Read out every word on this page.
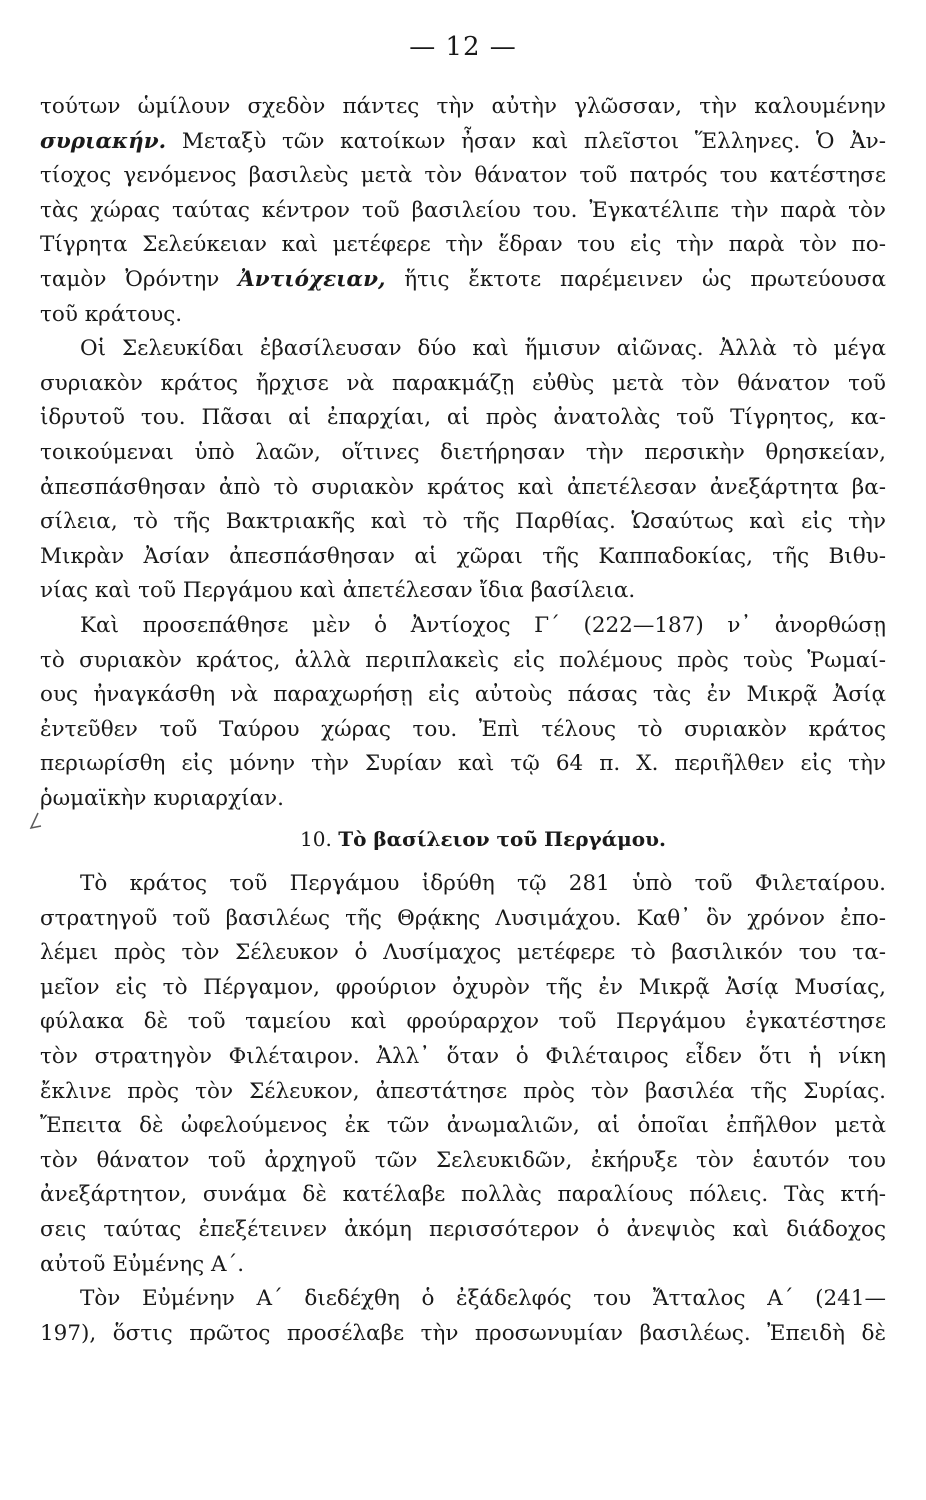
— 12 —
τούτων ὡμίλουν σχεδὸν πάντες τὴν αὐτὴν γλῶσσαν, τὴν καλουμένην
συριακήν. Μεταξὺ τῶν κατοίκων ἦσαν καὶ πλεῖστοι Ἕλληνες. Ὁ Ἀν-
τίοχος γενόμενος βασιλεὺς μετὰ τὸν θάνατον τοῦ πατρός του κατέστησε
τὰς χώρας ταύτας κέντρον τοῦ βασιλείου του. Ἐγκατέλιπε τὴν παρὰ τὸν
Τίγρητα Σελεύκειαν καὶ μετέφερε τὴν ἕδραν του εἰς τὴν παρὰ τὸν πο-
ταμὸν Ὀρόντην Ἀντιόχειαν, ἥτις ἔκτοτε παρέμεινεν ὡς πρωτεύουσα
τοῦ κράτους.
Οἱ Σελευκίδαι ἐβασίλευσαν δύο καὶ ἥμισυν αἰῶνας. Ἀλλὰ τὸ μέγα
συριακὸν κράτος ἤρχισε νὰ παρακμάζῃ εὐθὺς μετὰ τὸν θάνατον τοῦ
ἱδρυτοῦ του. Πᾶσαι αἱ ἐπαρχίαι, αἱ πρὸς ἀνατολὰς τοῦ Τίγρητος, κα-
τοικούμεναι ὑπὸ λαῶν, οἵτινες διετήρησαν τὴν περσικὴν θρησκείαν,
ἀπεσπάσθησαν ἀπὸ τὸ συριακὸν κράτος καὶ ἀπετέλεσαν ἀνεξάρτητα βα-
σίλεια, τὸ τῆς Βακτριακῆς καὶ τὸ τῆς Παρθίας. Ὡσαύτως καὶ εἰς τὴν
Μικρὰν Ἀσίαν ἀπεσπάσθησαν αἱ χῶραι τῆς Καππαδοκίας, τῆς Βιθυ-
νίας καὶ τοῦ Περγάμου καὶ ἀπετέλεσαν ἴδια βασίλεια.
Καὶ προσεπάθησε μὲν ὁ Ἀντίοχος Γ΄ (222—187) ν᾿ ἀνορθώσῃ
τὸ συριακὸν κράτος, ἀλλὰ περιπλακεὶς εἰς πολέμους πρὸς τοὺς Ῥωμαί-
ους ἠναγκάσθη νὰ παραχωρήσῃ εἰς αὐτοὺς πάσας τὰς ἐν Μικρᾷ Ἀσίᾳ
ἐντεῦθεν τοῦ Ταύρου χώρας του. Ἐπὶ τέλους τὸ συριακὸν κράτος
περιωρίσθη εἰς μόνην τὴν Συρίαν καὶ τῷ 64 π. Χ. περιῆλθεν εἰς τὴν
ῥωμαϊκὴν κυριαρχίαν.
10. Τὸ βασίλειον τοῦ Περγάμου.
Τὸ κράτος τοῦ Περγάμου ἱδρύθη τῷ 281 ὑπὸ τοῦ Φιλεταίρου.
στρατηγοῦ τοῦ βασιλέως τῆς Θρᾴκης Λυσιμάχου. Καθ᾿ ὃν χρόνον ἐπο-
λέμει πρὸς τὸν Σέλευκον ὁ Λυσίμαχος μετέφερε τὸ βασιλικόν του τα-
μεῖον εἰς τὸ Πέργαμον, φρούριον ὀχυρὸν τῆς ἐν Μικρᾷ Ἀσίᾳ Μυσίας,
φύλακα δὲ τοῦ ταμείου καὶ φρούραρχον τοῦ Περγάμου ἐγκατέστησε
τὸν στρατηγὸν Φιλέταιρον. Ἀλλ᾿ ὅταν ὁ Φιλέταιρος εἶδεν ὅτι ἡ νίκη
ἔκλινε πρὸς τὸν Σέλευκον, ἀπεστάτησε πρὸς τὸν βασιλέα τῆς Συρίας.
Ἔπειτα δὲ ὠφελούμενος ἐκ τῶν ἀνωμαλιῶν, αἱ ὁποῖαι ἐπῆλθον μετὰ
τὸν θάνατον τοῦ ἀρχηγοῦ τῶν Σελευκιδῶν, ἐκήρυξε τὸν ἑαυτόν του
ἀνεξάρτητον, συνάμα δὲ κατέλαβε πολλὰς παραλίους πόλεις. Τὰς κτή-
σεις ταύτας ἐπεξέτεινεν ἀκόμη περισσότερον ὁ ἀνεψιὸς καὶ διάδοχος
αὐτοῦ Εὐμένης Α΄.
Τὸν Εὐμένην Α΄ διεδέχθη ὁ ἐξάδελφός του Ἄτταλος Α΄ (241—
197), ὅστις πρῶτος προσέλαβε τὴν προσωνυμίαν βασιλέως. Ἐπειδὴ δὲ
